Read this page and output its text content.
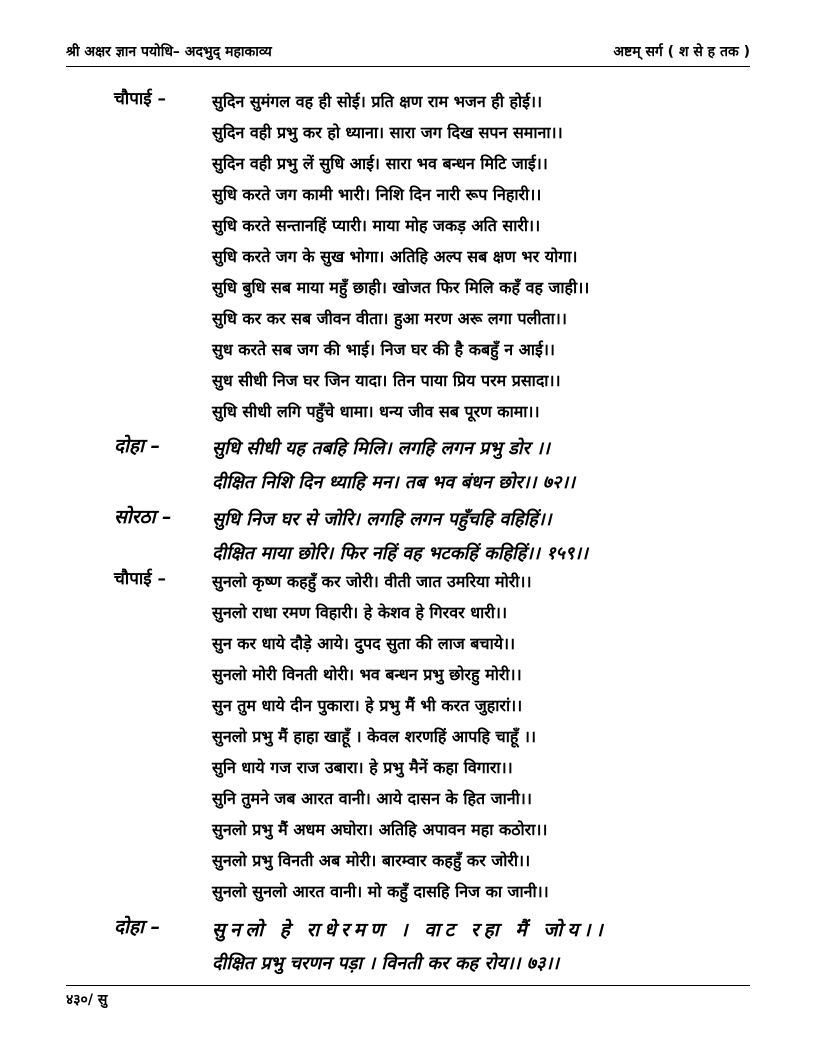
श्री अक्षर ज्ञान पयोधि– अदभुद् महाकाव्य	अष्टम् सर्ग ( श से ह तक )
चौपाई –	सुदिन सुमंगल वह ही सोई। प्रति क्षण राम भजन ही होई।।
सुदिन वही प्रभु कर हो ध्याना। सारा जग दिख सपन समाना।।
सुदिन वही प्रभु लें सुधि आई। सारा भव बन्धन मिटि जाई।।
सुधि करते जग कामी भारी। निशि दिन नारी रूप निहारी।।
सुधि करते सन्तानहिं प्यारी। माया मोह जकड़ अति सारी।।
सुधि करते जग के सुख भोगा। अतिहि अल्प सब क्षण भर योगा।
सुधि बुधि सब माया महुँ छाही। खोजत फिर मिलि कहँ वह जाही।।
सुधि कर कर सब जीवन वीता। हुआ मरण अरू लगा पलीता।।
सुध करते सब जग की भाई। निज घर की है कबहुँ न आई।।
सुध सीधी निज घर जिन यादा। तिन पाया प्रिय परम प्रसादा।।
सुधि सीधी लगि पहुँचे धामा। धन्य जीव सब पूरण कामा।।
दोहा –	सुधि सीधी यह तबहि मिलि। लगहि लगन प्रभु डोर ।।
दीक्षित निशि दिन ध्याहि मन। तब भव बंधन छोर।। ७२।।
सोरठा – सुधि निज घर से जोरि। लगहि लगन पहुँचहि वहिहिं।।
दीक्षित माया छोरि। फिर नहिं वह भटकहिं कहिहिं।। १५९।।
चौपाई –	सुनलो कृष्ण कहहुँ कर जोरी। वीती जात उमरिया मोरी।।
सुनलो राधा रमण विहारी। हे केशव हे गिरवर धारी।।
सुन कर धाये दौड़े आये। दुपद सुता की लाज बचाये।।
सुनलो मोरी विनती थोरी। भव बन्धन प्रभु छोरहु मोरी।।
सुन तुम धाये दीन पुकारा। हे प्रभु मैं भी करत जुहारां।।
सुनलो प्रभु मैं हाहा खाहूँ । केवल शरणहिं आपहि चाहूँ ।।
सुनि धाये गज राज उबारा। हे प्रभु मैनें कहा विगारा।।
सुनि तुमने जब आरत वानी। आये दासन के हित जानी।।
सुनलो प्रभु मैं अधम अघोरा। अतिहि अपावन महा कठोरा।।
सुनलो प्रभु विनती अब मोरी। बारम्वार कहहुँ कर जोरी।।
सुनलो सुनलो आरत वानी। मो कहुँ दासहि निज का जानी।।
दोहा –	सुनलो हे राधेरमण । वाट रहा मैं जोय।।
दीक्षित प्रभु चरणन पड़ा । विनती कर कह रोय।। ७३।।
४३०/ सु
